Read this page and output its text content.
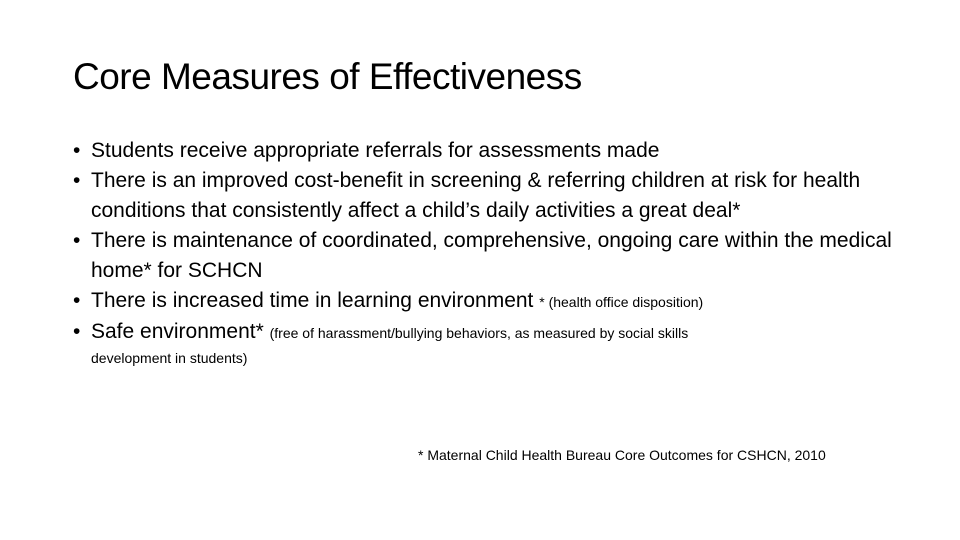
Core Measures of Effectiveness
• Students receive appropriate referrals for assessments made
• There is an improved cost-benefit in screening & referring children at risk for health conditions that consistently affect a child’s daily activities a great deal*
• There is maintenance of coordinated, comprehensive, ongoing care within the medical home* for SCHCN
• There is increased time in learning environment * (health office disposition)
• Safe environment* (free of harassment/bullying behaviors, as measured by social skills
development in students)
* Maternal Child Health Bureau Core Outcomes for CSHCN, 2010
